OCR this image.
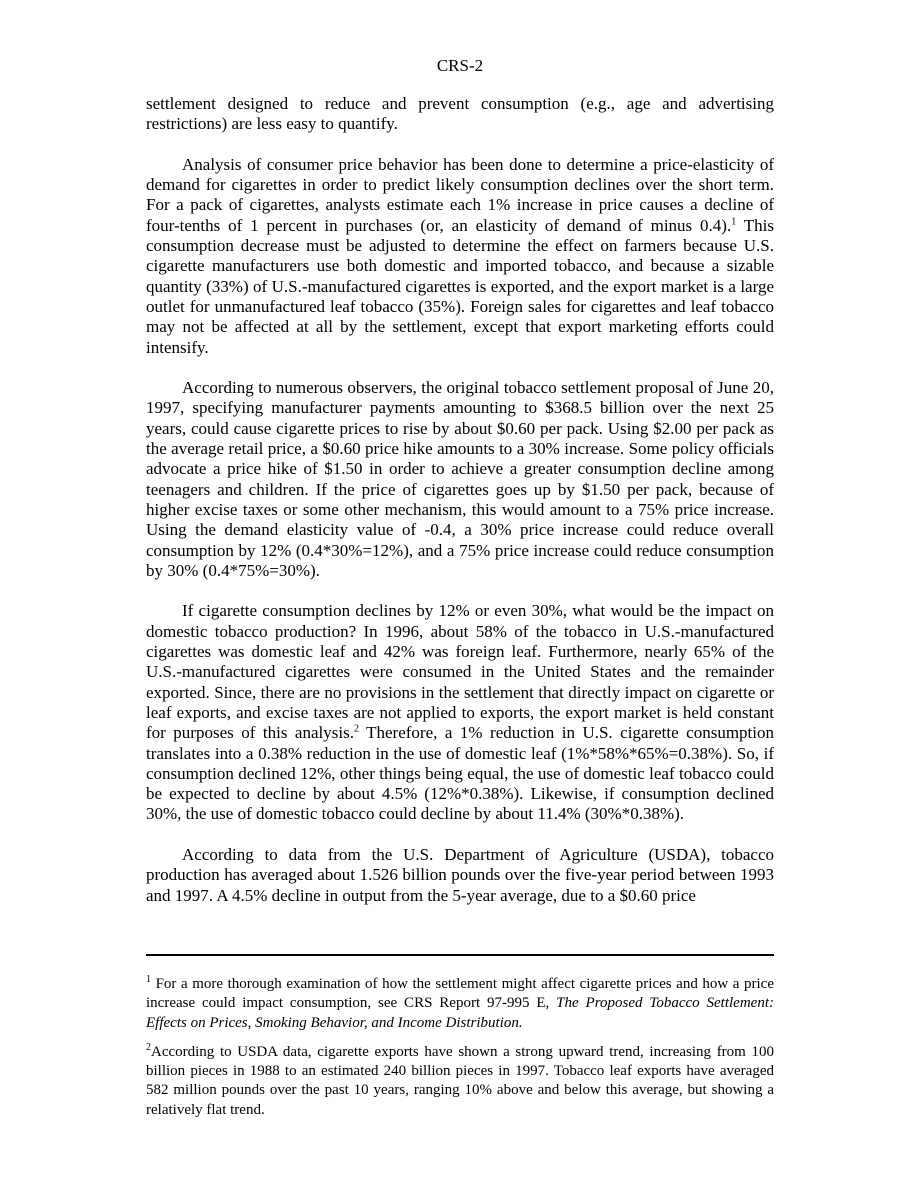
CRS-2

settlement designed to reduce and prevent consumption (e.g., age and advertising restrictions) are less easy to quantify.

Analysis of consumer price behavior has been done to determine a price-elasticity of demand for cigarettes in order to predict likely consumption declines over the short term. For a pack of cigarettes, analysts estimate each 1% increase in price causes a decline of four-tenths of 1 percent in purchases (or, an elasticity of demand of minus 0.4).$^1$ This consumption decrease must be adjusted to determine the effect on farmers because U.S. cigarette manufacturers use both domestic and imported tobacco, and because a sizable quantity (33%) of U.S.-manufactured cigarettes is exported, and the export market is a large outlet for unmanufactured leaf tobacco (35%). Foreign sales for cigarettes and leaf tobacco may not be affected at all by the settlement, except that export marketing efforts could intensify.

According to numerous observers, the original tobacco settlement proposal of June 20, 1997, specifying manufacturer payments amounting to $368.5 billion over the next 25 years, could cause cigarette prices to rise by about $0.60 per pack. Using $2.00 per pack as the average retail price, a $0.60 price hike amounts to a 30% increase. Some policy officials advocate a price hike of $1.50 in order to achieve a greater consumption decline among teenagers and children. If the price of cigarettes goes up by $1.50 per pack, because of higher excise taxes or some other mechanism, this would amount to a 75% price increase. Using the demand elasticity value of -0.4, a 30% price increase could reduce overall consumption by 12% (0.4*30%=12%), and a 75% price increase could reduce consumption by 30% (0.4*75%=30%).

If cigarette consumption declines by 12% or even 30%, what would be the impact on domestic tobacco production? In 1996, about 58% of the tobacco in U.S.-manufactured cigarettes was domestic leaf and 42% was foreign leaf. Furthermore, nearly 65% of the U.S.-manufactured cigarettes were consumed in the United States and the remainder exported. Since, there are no provisions in the settlement that directly impact on cigarette or leaf exports, and excise taxes are not applied to exports, the export market is held constant for purposes of this analysis.$^2$ Therefore, a 1% reduction in U.S. cigarette consumption translates into a 0.38% reduction in the use of domestic leaf (1%*58%*65%=0.38%). So, if consumption declined 12%, other things being equal, the use of domestic leaf tobacco could be expected to decline by about 4.5% (12%*0.38%). Likewise, if consumption declined 30%, the use of domestic tobacco could decline by about 11.4% (30%*0.38%).

According to data from the U.S. Department of Agriculture (USDA), tobacco production has averaged about 1.526 billion pounds over the five-year period between 1993 and 1997. A 4.5% decline in output from the 5-year average, due to a $0.60 price

$^1$ For a more thorough examination of how the settlement might affect cigarette prices and how a price increase could impact consumption, see CRS Report 97-995 E, The Proposed Tobacco Settlement: Effects on Prices, Smoking Behavior, and Income Distribution.

$^2$According to USDA data, cigarette exports have shown a strong upward trend, increasing from 100 billion pieces in 1988 to an estimated 240 billion pieces in 1997. Tobacco leaf exports have averaged 582 million pounds over the past 10 years, ranging 10% above and below this average, but showing a relatively flat trend.
